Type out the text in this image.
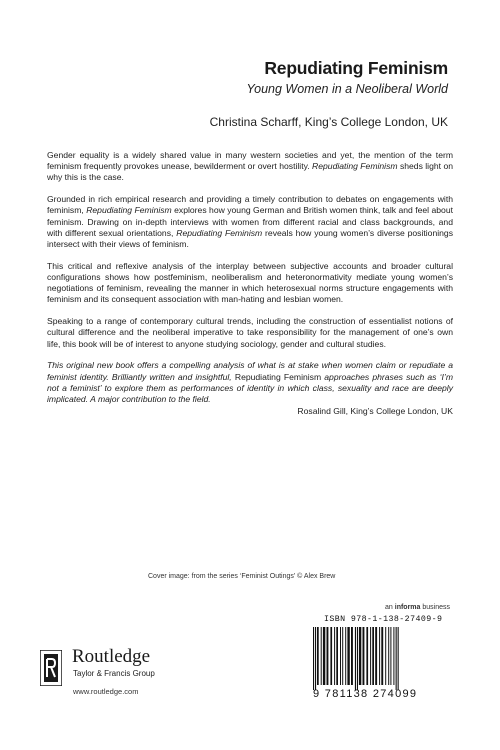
Repudiating Feminism
Young Women in a Neoliberal World
Christina Scharff, King’s College London, UK

Gender equality is a widely shared value in many western societies and yet, the mention of the term feminism frequently provokes unease, bewilderment or overt hostility. Repudiating Feminism sheds light on why this is the case.

Grounded in rich empirical research and providing a timely contribution to debates on engagements with feminism, Repudiating Feminism explores how young German and British women think, talk and feel about feminism. Drawing on in-depth interviews with women from different racial and class backgrounds, and with different sexual orientations, Repudiating Feminism reveals how young women’s diverse positionings intersect with their views of feminism.

This critical and reflexive analysis of the interplay between subjective accounts and broader cultural configurations shows how postfeminism, neoliberalism and heteronormativity mediate young women’s negotiations of feminism, revealing the manner in which heterosexual norms structure engagements with feminism and its consequent association with man-hating and lesbian women.

Speaking to a range of contemporary cultural trends, including the construction of essentialist notions of cultural difference and the neoliberal imperative to take responsibility for the management of one’s own life, this book will be of interest to anyone studying sociology, gender and cultural studies.

This original new book offers a compelling analysis of what is at stake when women claim or repudiate a feminist identity. Brilliantly written and insightful, Repudiating Feminism approaches phrases such as ‘I’m not a feminist’ to explore them as performances of identity in which class, sexuality and race are deeply implicated. A major contribution to the field.

Rosalind Gill, King’s College London, UK
Cover image: from the series ‘Feminist Outings’ © Alex Brew
an informa business
Routledge
Taylor & Francis Group
www.routledge.com
ISBN 978-1-138-27409-9
9 781138 274099
